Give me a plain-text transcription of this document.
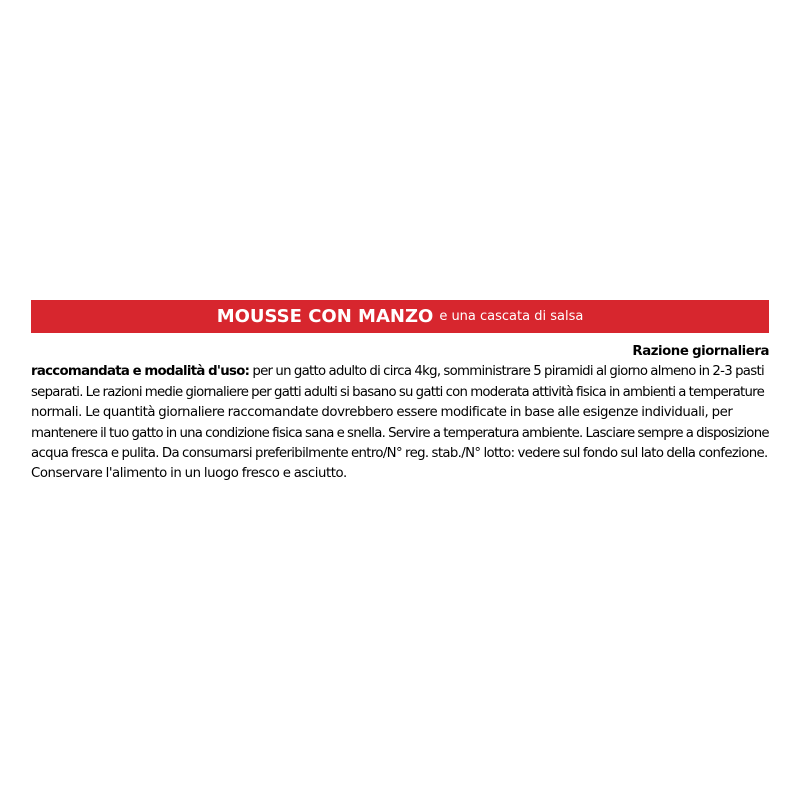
MOUSSE CON MANZO e una cascata di salsa
Razione giornaliera
raccomandata e modalità d'uso: per un gatto adulto di circa 4kg, somministrare 5 piramidi al giorno almeno in 2-3 pasti
separati. Le razioni medie giornaliere per gatti adulti si basano su gatti con moderata attività fisica in ambienti a temperature
normali. Le quantità giornaliere raccomandate dovrebbero essere modificate in base alle esigenze individuali, per
mantenere il tuo gatto in una condizione fisica sana e snella. Servire a temperatura ambiente. Lasciare sempre a disposizione
acqua fresca e pulita. Da consumarsi preferibilmente entro/N° reg. stab./N° lotto: vedere sul fondo sul lato della confezione.
Conservare l'alimento in un luogo fresco e asciutto.
